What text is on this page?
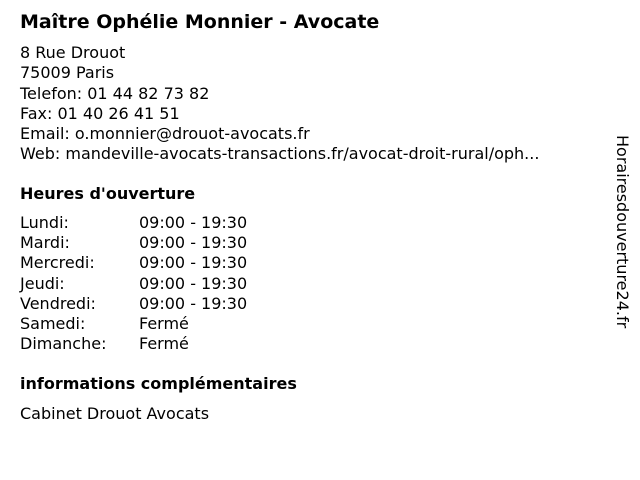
Maître Ophélie Monnier - Avocate
8 Rue Drouot
75009 Paris
Telefon: 01 44 82 73 82
Fax: 01 40 26 41 51
Email: o.monnier@drouot-avocats.fr
Web: mandeville-avocats-transactions.fr/avocat-droit-rural/oph...
Heures d'ouverture
Lundi:	09:00 - 19:30
Mardi:	09:00 - 19:30
Mercredi:	09:00 - 19:30
Jeudi:	09:00 - 19:30
Vendredi:	09:00 - 19:30
Samedi:	Fermé
Dimanche:	Fermé
informations complémentaires
Cabinet Drouot Avocats
Horairesdouverture24.fr
